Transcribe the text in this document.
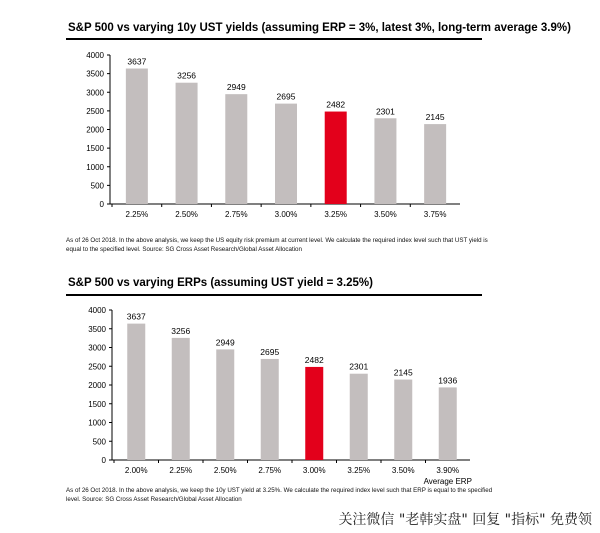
S&P 500 vs varying 10y UST yields (assuming ERP = 3%, latest 3%, long-term average 3.9%)
0
500
1000
1500
2000
2500
3000
3500
4000
3637
2.25%
3256
2.50%
2949
2.75%
2695
3.00%
2482
3.25%
2301
3.50%
2145
3.75%
As of 26 Oct 2018. In the above analysis, we keep the US equity risk premium at current level. We calculate the required index level such that UST yield is equal to the specified level. Source: SG Cross Asset Research/Global Asset Allocation
S&P 500 vs varying ERPs (assuming UST yield = 3.25%)
0
500
1000
1500
2000
2500
3000
3500
4000
3637
2.00%
3256
2.25%
2949
2.50%
2695
2.75%
2482
3.00%
2301
3.25%
2145
3.50%
1936
3.90%
Average ERP
As of 26 Oct 2018. In the above analysis, we keep the 10y UST yield at 3.25%. We calculate the required index level such that ERP is equal to the specified level. Source: SG Cross Asset Research/Global Asset Allocation
关注微信 "老韩实盘" 回复 "指标" 免费领
